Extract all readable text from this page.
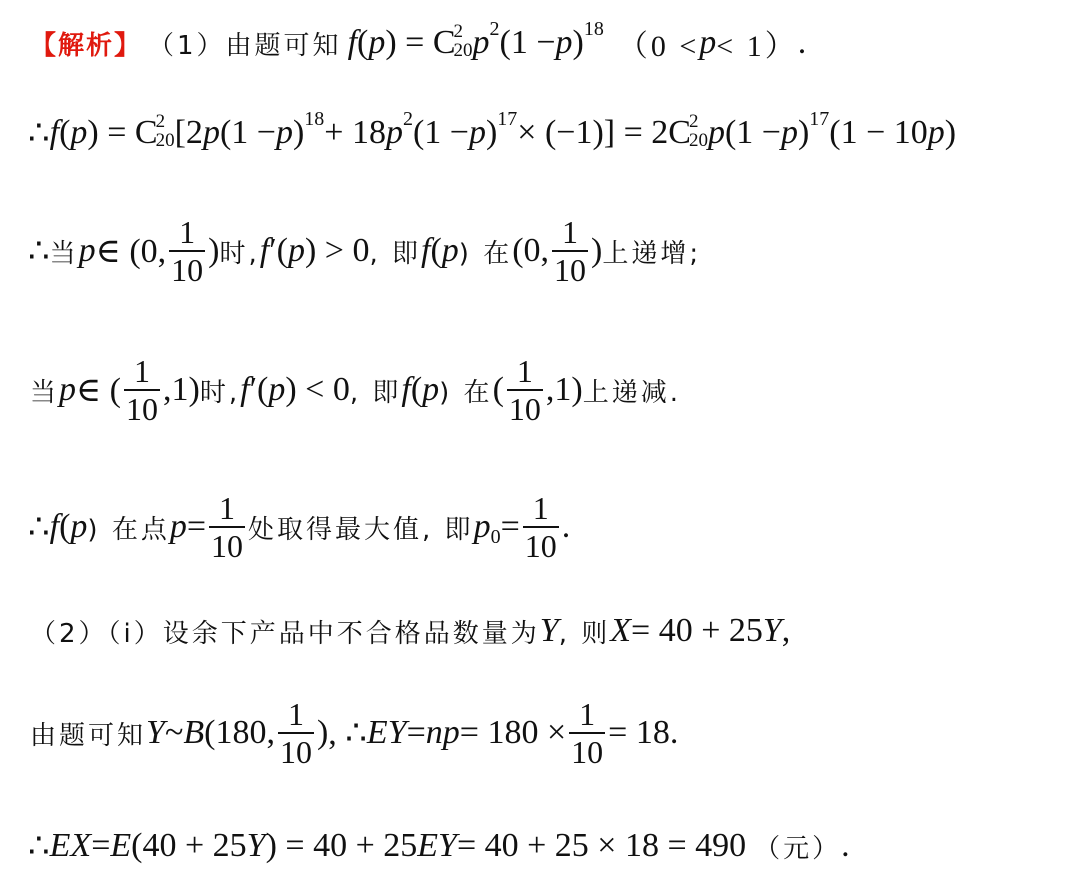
【解析】 （1）由题可知 f ( p ) = C
2
20 p 2 (1 − p ) 18
（0 < p < 1） .
∴ f ( p ) = C
2
20 [2 p (1 − p ) 18 + 18 p 2 (1 − p ) 17 × (−1)] = 2C
2
20 p (1 − p ) 17 (1 − 10 p )
∴ 当 p ∈ (0, $\frac{1}{10}$ ) 时, f ′( p ) > 0 , 即 f ( p ) 在 (0, $\frac{1}{10}$ ) 上递增;
当 p ∈ ( $\frac{1}{10} ,1$) 时, f ′( p ) < 0 , 即 f ( p ) 在 ( $\frac{1}{10} ,1$) 上递减.
∴ f ( p ) 在点 $p = \frac{1}{10}$ 处取得最大值, 即 p $0 = \frac{1}{10}$ .
（2）（ⅰ）设余下产品中不合格品数量为 Y , 则 X = 40 + 25 Y ,
由题可知 Y ~ B (180, $\frac{1}{10}$ ) , ∴ EY = np = $180 \times \frac{1}{10} = 18$.
∴ EX = E (40 + 25 Y ) = 40 + 25 EY = 40 + 25 × 18 = 490 （元） .
